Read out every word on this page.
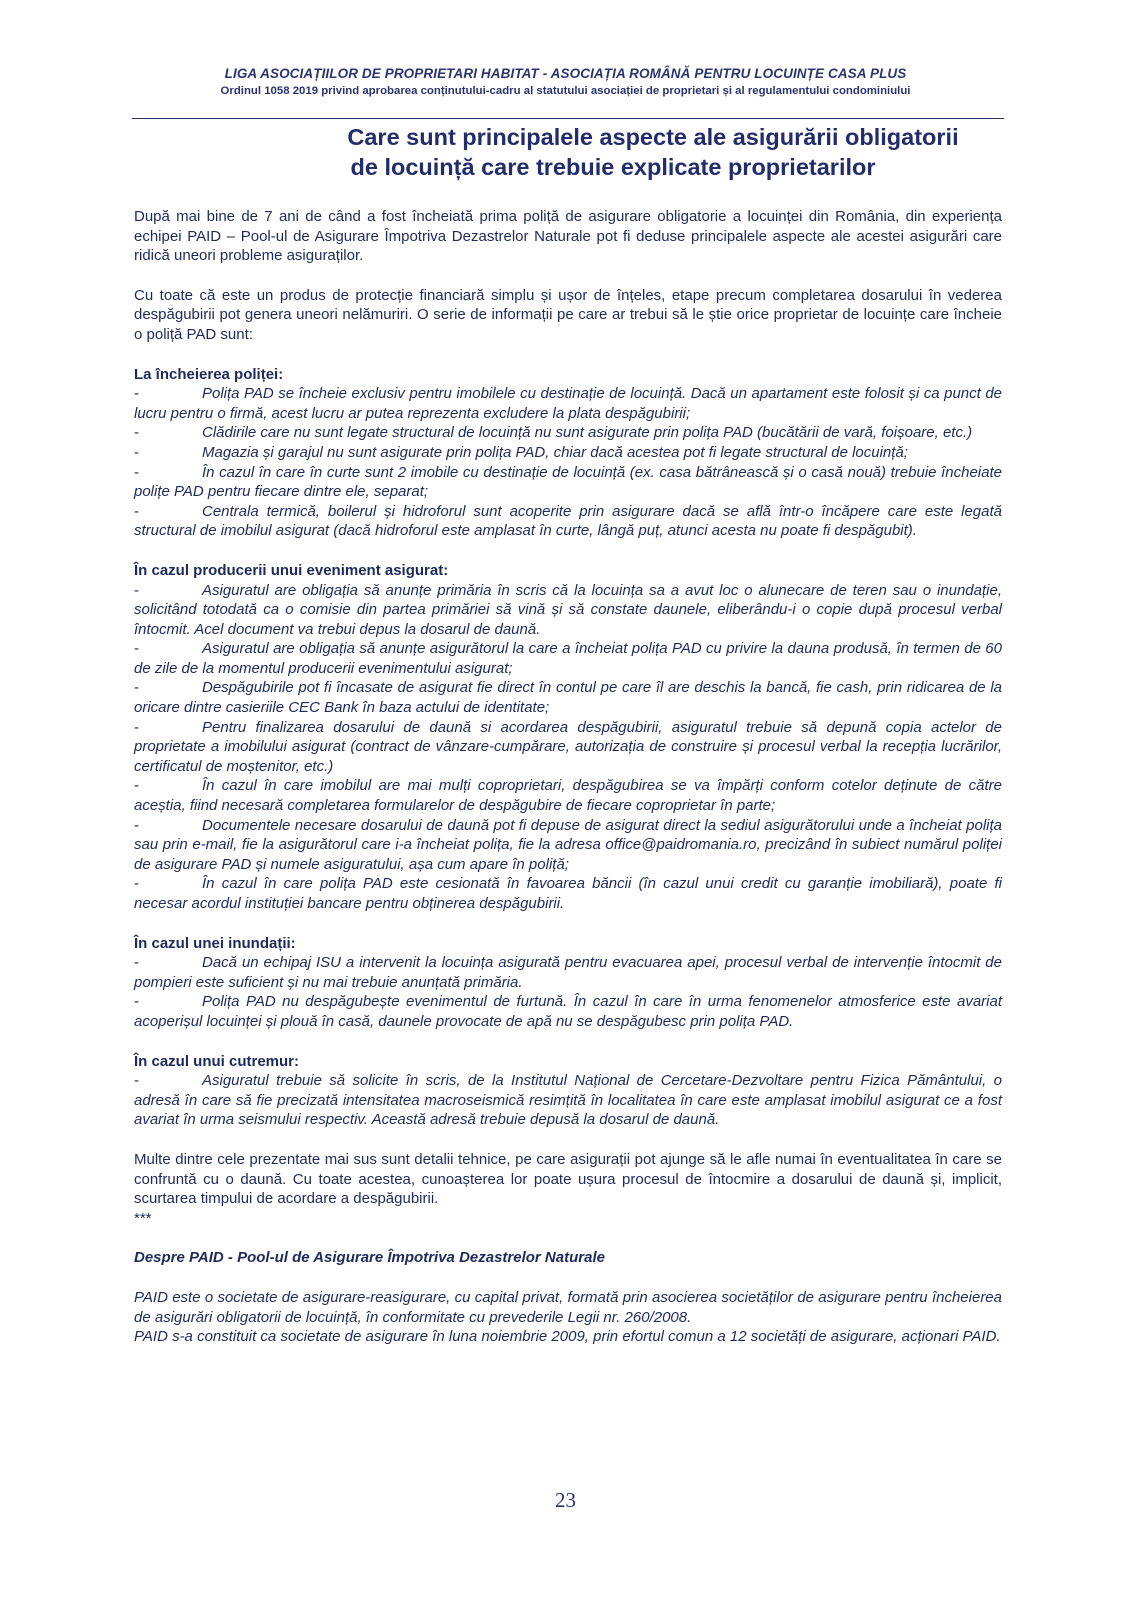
LIGA ASOCIAȚIILOR DE PROPRIETARI HABITAT - ASOCIAȚIA ROMÂNĂ PENTRU LOCUINȚE CASA PLUS
Ordinul 1058 2019 privind aprobarea conținutului-cadru al statutului asociației de proprietari și al regulamentului condominiului
Care sunt principalele aspecte ale asigurării obligatorii
de locuință care trebuie explicate proprietarilor

După mai bine de 7 ani de când a fost încheiată prima poliță de asigurare obligatorie a locuinței din România, din experiența echipei PAID – Pool-ul de Asigurare Împotriva Dezastrelor Naturale pot fi deduse principalele aspecte ale acestei asigurări care ridică uneori probleme asiguraților.

Cu toate că este un produs de protecție financiară simplu și ușor de înțeles, etape precum completarea dosarului în vederea despăgubirii pot genera uneori nelămuriri. O serie de informații pe care ar trebui să le știe orice proprietar de locuințe care încheie o poliță PAD sunt:

La încheierea poliței:

-	Polița PAD se încheie exclusiv pentru imobilele cu destinație de locuință. Dacă un apartament este folosit și ca punct de lucru pentru o firmă, acest lucru ar putea reprezenta excludere la plata despăgubirii;
-	Clădirile care nu sunt legate structural de locuință nu sunt asigurate prin polița PAD (bucătării de vară, foișoare, etc.)
-	Magazia și garajul nu sunt asigurate prin polița PAD, chiar dacă acestea pot fi legate structural de locuință;
-	În cazul în care în curte sunt 2 imobile cu destinație de locuință (ex. casa bătrânească și o casă nouă) trebuie încheiate polițe PAD pentru fiecare dintre ele, separat;
-	Centrala termică, boilerul și hidroforul sunt acoperite prin asigurare dacă se află într-o încăpere care este legată structural de imobilul asigurat (dacă hidroforul este amplasat în curte, lângă puț, atunci acesta nu poate fi despăgubit).

În cazul producerii unui eveniment asigurat:

-	Asiguratul are obligația să anunțe primăria în scris că la locuința sa a avut loc o alunecare de teren sau o inundație, solicitând totodată ca o comisie din partea primăriei să vină și să constate daunele, eliberându-i o copie după procesul verbal întocmit. Acel document va trebui depus la dosarul de daună.
-	Asiguratul are obligația să anunțe asigurătorul la care a încheiat polița PAD cu privire la dauna produsă, în termen de 60 de zile de la momentul producerii evenimentului asigurat;
-	Despăgubirile pot fi încasate de asigurat fie direct în contul pe care îl are deschis la bancă, fie cash, prin ridicarea de la oricare dintre casieriile CEC Bank în baza actului de identitate;
-	Pentru finalizarea dosarului de daună si acordarea despăgubirii, asiguratul trebuie să depună copia actelor de proprietate a imobilului asigurat (contract de vânzare-cumpărare, autorizația de construire și procesul verbal la recepția lucrărilor, certificatul de moștenitor, etc.)
-	În cazul în care imobilul are mai mulți coproprietari, despăgubirea se va împărți conform cotelor deținute de către aceștia, fiind necesară completarea formularelor de despăgubire de fiecare coproprietar în parte;
-	Documentele necesare dosarului de daună pot fi depuse de asigurat direct la sediul asigurătorului unde a încheiat polița sau prin e-mail, fie la asigurătorul care i-a încheiat polița, fie la adresa office@paidromania.ro, precizând în subiect numărul poliței de asigurare PAD și numele asiguratului, așa cum apare în poliță;
-	În cazul în care polița PAD este cesionată în favoarea băncii (în cazul unui credit cu garanție imobiliară), poate fi necesar acordul instituției bancare pentru obținerea despăgubirii.

În cazul unei inundații:

-	Dacă un echipaj ISU a intervenit la locuința asigurată pentru evacuarea apei, procesul verbal de intervenție întocmit de pompieri este suficient și nu mai trebuie anunțată primăria.
-	Polița PAD nu despăgubește evenimentul de furtună. În cazul în care în urma fenomenelor atmosferice este avariat acoperișul locuinței și plouă în casă, daunele provocate de apă nu se despăgubesc prin polița PAD.

În cazul unui cutremur:

-	Asiguratul trebuie să solicite în scris, de la Institutul Național de Cercetare-Dezvoltare pentru Fizica Pământului, o adresă în care să fie precizată intensitatea macroseismică resimțită în localitatea în care este amplasat imobilul asigurat ce a fost avariat în urma seismului respectiv. Această adresă trebuie depusă la dosarul de daună.

Multe dintre cele prezentate mai sus sunt detalii tehnice, pe care asigurații pot ajunge să le afle numai în eventualitatea în care se confruntă cu o daună. Cu toate acestea, cunoașterea lor poate ușura procesul de întocmire a dosarului de daună și, implicit, scurtarea timpului de acordare a despăgubirii.

***

Despre PAID - Pool-ul de Asigurare Împotriva Dezastrelor Naturale

PAID este o societate de asigurare-reasigurare, cu capital privat, formată prin asocierea societăților de asigurare pentru încheierea de asigurări obligatorii de locuință, în conformitate cu prevederile Legii nr. 260/2008.

PAID s-a constituit ca societate de asigurare în luna noiembrie 2009, prin efortul comun a 12 societăți de asigurare, acționari PAID.

23
